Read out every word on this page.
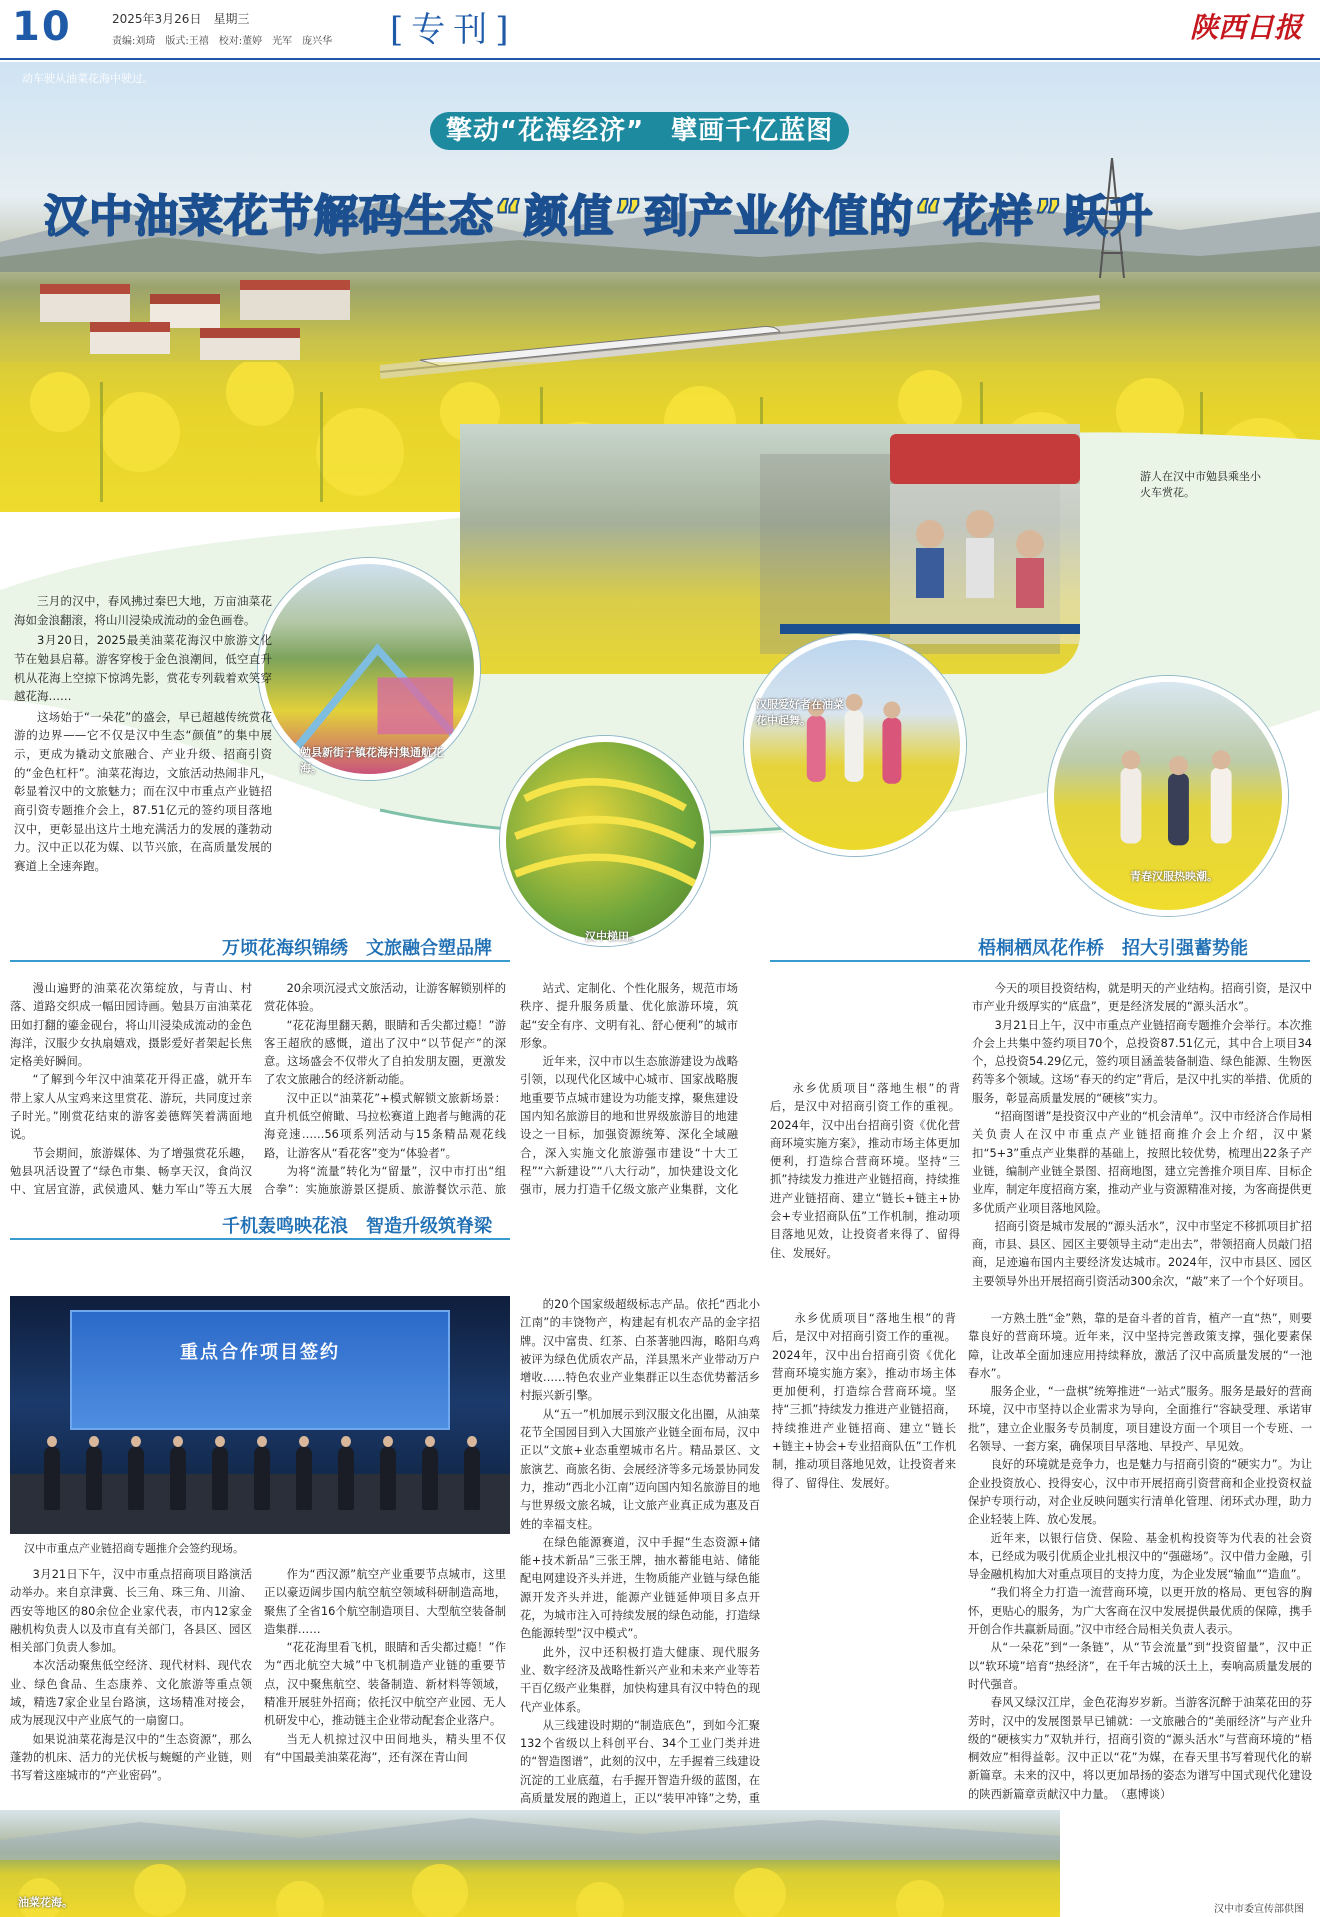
10	2025年3月26日　星期三
责编:刘琦　版式:王禧　校对:董婷　光军　庞兴华 [专刊]	陕西日报
动车驶从油菜花海中驶过。
擎动“花海经济”　擘画千亿蓝图
汉中油菜花节解码生态“颜值”到产业价值的“花样”跃升
游人在汉中市勉县乘坐小火车赏花。
勉县新街子镇花海村集通航花海。
汉中梯田。
青春汉服热映潮。
汉服爱好者在油菜花中起舞。

三月的汉中，春风拂过秦巴大地，万亩油菜花海如金浪翻滚，将山川浸染成流动的金色画卷。

3月20日，2025最美油菜花海汉中旅游文化节在勉县启幕。游客穿梭于金色浪潮间，低空直升机从花海上空掠下惊鸿先影，赏花专列载着欢笑穿越花海……

这场始于“一朵花”的盛会，早已超越传统赏花游的边界——它不仅是汉中生态“颜值”的集中展示，更成为撬动文旅融合、产业升级、招商引资的“金色杠杆”。油菜花海边，文旅活动热闹非凡，彰显着汉中的文旅魅力；而在汉中市重点产业链招商引资专题推介会上，87.51亿元的签约项目落地汉中，更彰显出这片土地充满活力的发展的蓬勃动力。汉中正以花为媒、以节兴旅，在高质量发展的赛道上全速奔跑。

万顷花海织锦绣　文旅融合塑品牌

漫山遍野的油菜花次第绽放，与青山、村落、道路交织成一幅田园诗画。勉县万亩油菜花田如打翻的鎏金砚台，将山川浸染成流动的金色海洋，汉服少女执扇嬉戏，摄影爱好者架起长焦定格美好瞬间。

“了解到今年汉中油菜花开得正盛，就开车带上家人从宝鸡来这里赏花、游玩，共同度过亲子时光。”刚赏花结束的游客姜德辉笑着满面地说。

节会期间，旅游媒体、为了增强赏花乐趣，勉县巩活设置了“绿色市集、畅享天汉，食尚汉中、宜居宜游，武侯遗风、魅力军山”等五大展

20余项沉浸式文旅活动，让游客解锁别样的赏花体验。

“花花海里翻天鹅，眼睛和舌尖都过瘾！”游客王超欣的感慨，道出了汉中“以节促产”的深意。这场盛会不仅带火了自拍发朋友圈，更激发了农文旅融合的经济新动能。

汉中正以“油菜花”+模式解锁文旅新场景：直升机低空俯瞰、马拉松赛道上跑者与鲍满的花海竞速……56项系列活动与15条精品观花线路，让游客从“看花客”变为“体验者”。

为将“流量”转化为“留量”，汉中市打出“组合拳”：实施旅游景区提质、旅游餐饮示范、旅

站式、定制化、个性化服务，规范市场秩序、提升服务质量、优化旅游环境，筑起“安全有序、文明有礼、舒心便利”的城市形象。

近年来，汉中市以生态旅游建设为战略引领，以现代化区域中心城市、国家战略腹地重要节点城市建设为功能支撑，聚焦建设国内知名旅游目的地和世界级旅游目的地建设之一目标，加强资源统筹、深化全域融合，深入实施文化旅游强市建设“十大工程”“六新建设”“八大行动”，加快建设文化强市，展力打造千亿级文旅产业集群，文化

千机轰鸣映花浪　智造升级筑脊梁
重点合作项目签约
汉中市重点产业链招商专题推介会签约现场。

3月21日下午，汉中市重点招商项目路演活动举办。来自京津冀、长三角、珠三角、川渝、西安等地区的80余位企业家代表，市内12家金融机构负责人以及市直有关部门，各县区、园区相关部门负责人参加。

本次活动聚焦低空经济、现代材料、现代农业、绿色食品、生态康养、文化旅游等重点领域，精选7家企业呈台路演，这场精准对接会，成为展现汉中产业底气的一扇窗口。

如果说油菜花海是汉中的“生态资源”，那么蓬勃的机床、活力的光伏板与蜿蜒的产业链，则书写着这座城市的“产业密码”。

作为“西汉源”航空产业重要节点城市，这里正以豪迈阔步国内航空航空领域科研制造高地，聚焦了全省16个航空制造项目、大型航空装备制造集群……

“花花海里看飞机，眼睛和舌尖都过瘾！”作为“西北航空大城”中飞机制造产业链的重要节点，汉中聚焦航空、装备制造、新材料等领域，精准开展驻外招商；依托汉中航空产业园、无人机研发中心，推动链主企业带动配套企业落户。

当无人机掠过汉中田间地头，精头里不仅有“中国最美油菜花海”，还有深在青山间

的20个国家级超级标志产品。依托“西北小江南”的丰饶物产，构建起有机农产品的金字招牌。汉中富贵、红茶、白茶著驰四海，略阳乌鸡被评为绿色优质农产品，洋县黑米产业带动万户增收……特色农业产业集群正以生态优势蓄活乡村振兴新引擎。

从“五一”机加展示到汉服文化出圈，从油菜花节全国园目到入大国旅产业链全面布局，汉中正以“文旅+业态重塑城市名片。精品景区、文旅演艺、商旅名街、会展经济等多元场景协同发力，推动“西北小江南”迈向国内知名旅游目的地与世界级文旅名城，让文旅产业真正成为惠及百姓的幸福支柱。

在绿色能源赛道，汉中手握“生态资源+储能+技术新品”三张王牌，抽水蓄能电站、储能配电网建设齐头并进，生物质能产业链与绿色能源开发齐头并进，能源产业链延伸项目多点开花，为城市注入可持续发展的绿色动能，打造绿色能源转型“汉中模式”。

此外，汉中还积极打造大健康、现代服务业、数字经济及战略性新兴产业和未来产业等若干百亿级产业集群，加快构建具有汉中特色的现代产业体系。

从三线建设时期的“制造底色”，到如今汇聚132个省级以上科创平台、34个工业门类并进的“智造图谱”，此刻的汉中，左手握着三线建设沉淀的工业底蕴，右手握开智造升级的蓝图，在高质量发展的跑道上，正以“装甲冲锋”之势，重

梧桐栖凤花作桥　招大引强蓄势能

今天的项目投资结构，就是明天的产业结构。招商引资，是汉中市产业升级厚实的“底盘”，更是经济发展的“源头活水”。

3月21日上午，汉中市重点产业链招商专题推介会举行。本次推介会上共集中签约项目70个，总投资87.51亿元，其中合上项目34个，总投资54.29亿元，签约项目涵盖装备制造、绿色能源、生物医药等多个领域。这场“春天的约定”背后，是汉中扎实的举措、优质的服务，彰显高质量发展的“硬核”实力。

“招商图谱”是投资汉中产业的“机会清单”。汉中市经济合作局相关负责人在汉中市重点产业链招商推介会上介绍，汉中紧扣“5+3”重点产业集群的基础上，按照比较优势，梳理出22条子产业链，编制产业链全景图、招商地图，建立完善推介项目库、目标企业库，制定年度招商方案，推动产业与资源精准对接，为客商提供更多优质产业项目落地风险。

招商引资是城市发展的“源头活水”，汉中市坚定不移抓项目扩招商，市县、县区、园区主要领导主动“走出去”，带领招商人员敲门招商，足迹遍布国内主要经济发达城市。2024年，汉中市县区、园区主要领导外出开展招商引资活动300余次，“敲”来了一个个好项目。

永乡优质项目“落地生根”的背后，是汉中对招商引资工作的重视。2024年，汉中出台招商引资《优化营商环境实施方案》，推动市场主体更加便利，打造综合营商环境。坚持“三抓”持续发力推进产业链招商，持续推进产业链招商、建立“链长+链主+协会+专业招商队伍”工作机制，推动项目落地见效，让投资者来得了、留得住、发展好。

一方熟土胜“金”熟，靠的是奋斗者的首肯，植产一直“热”，则要靠良好的营商环境。近年来，汉中坚持完善政策支撑，强化要素保障，让改革全面加速应用持续释放，激活了汉中高质量发展的“一池春水”。

服务企业，“一盘棋”统筹推进“一站式”服务。服务是最好的营商环境，汉中市坚持以企业需求为导向，全面推行“容缺受理、承诺审批”，建立企业服务专员制度，项目建设方面一个项目一个专班、一名领导、一套方案，确保项目早落地、早投产、早见效。

良好的环境就是竞争力，也是魅力与招商引资的“硬实力”。为让企业投资放心、投得安心，汉中市开展招商引资营商和企业投资权益保护专项行动，对企业反映问题实行清单化管理、闭环式办理，助力企业轻装上阵、放心发展。

近年来，以银行信贷、保险、基金机构投资等为代表的社会资本，已经成为吸引优质企业扎根汉中的“强磁场”。汉中借力金融，引导金融机构加大对重点项目的支持力度，为企业发展“输血”“造血”。

“我们将全力打造一流营商环境，以更开放的格局、更包容的胸怀，更贴心的服务，为广大客商在汉中发展提供最优质的保障，携手开创合作共赢新局面。”汉中市经合局相关负责人表示。

从“一朵花”到“一条链”，从“节会流量”到“投资留量”，汉中正以“软环境”培育“热经济”，在千年古城的沃土上，奏响高质量发展的时代强音。

春风又绿汉江岸，金色花海岁岁新。当游客沉醉于油菜花田的芬芳时，汉中的发展图景早已铺就：一文旅融合的“美丽经济”与产业升级的“硬核实力”双轨并行，招商引资的“源头活水”与营商环境的“梧桐效应”相得益彰。汉中正以“花”为媒，在春天里书写着现代化的崭新篇章。未来的汉中，将以更加昂扬的姿态为谱写中国式现代化建设的陕西新篇章贡献汉中力量。　（惠博谈）

永乡优质项目“落地生根”的背后，是汉中对招商引资工作的重视。2024年，汉中出台招商引资《优化营商环境实施方案》，推动市场主体更加便利，打造综合营商环境。坚持“三抓”持续发力推进产业链招商，持续推进产业链招商、建立“链长+链主+协会+专业招商队伍”工作机制，推动项目落地见效，让投资者来得了、留得住、发展好。

油菜花海。
汉中市委宣传部供图
